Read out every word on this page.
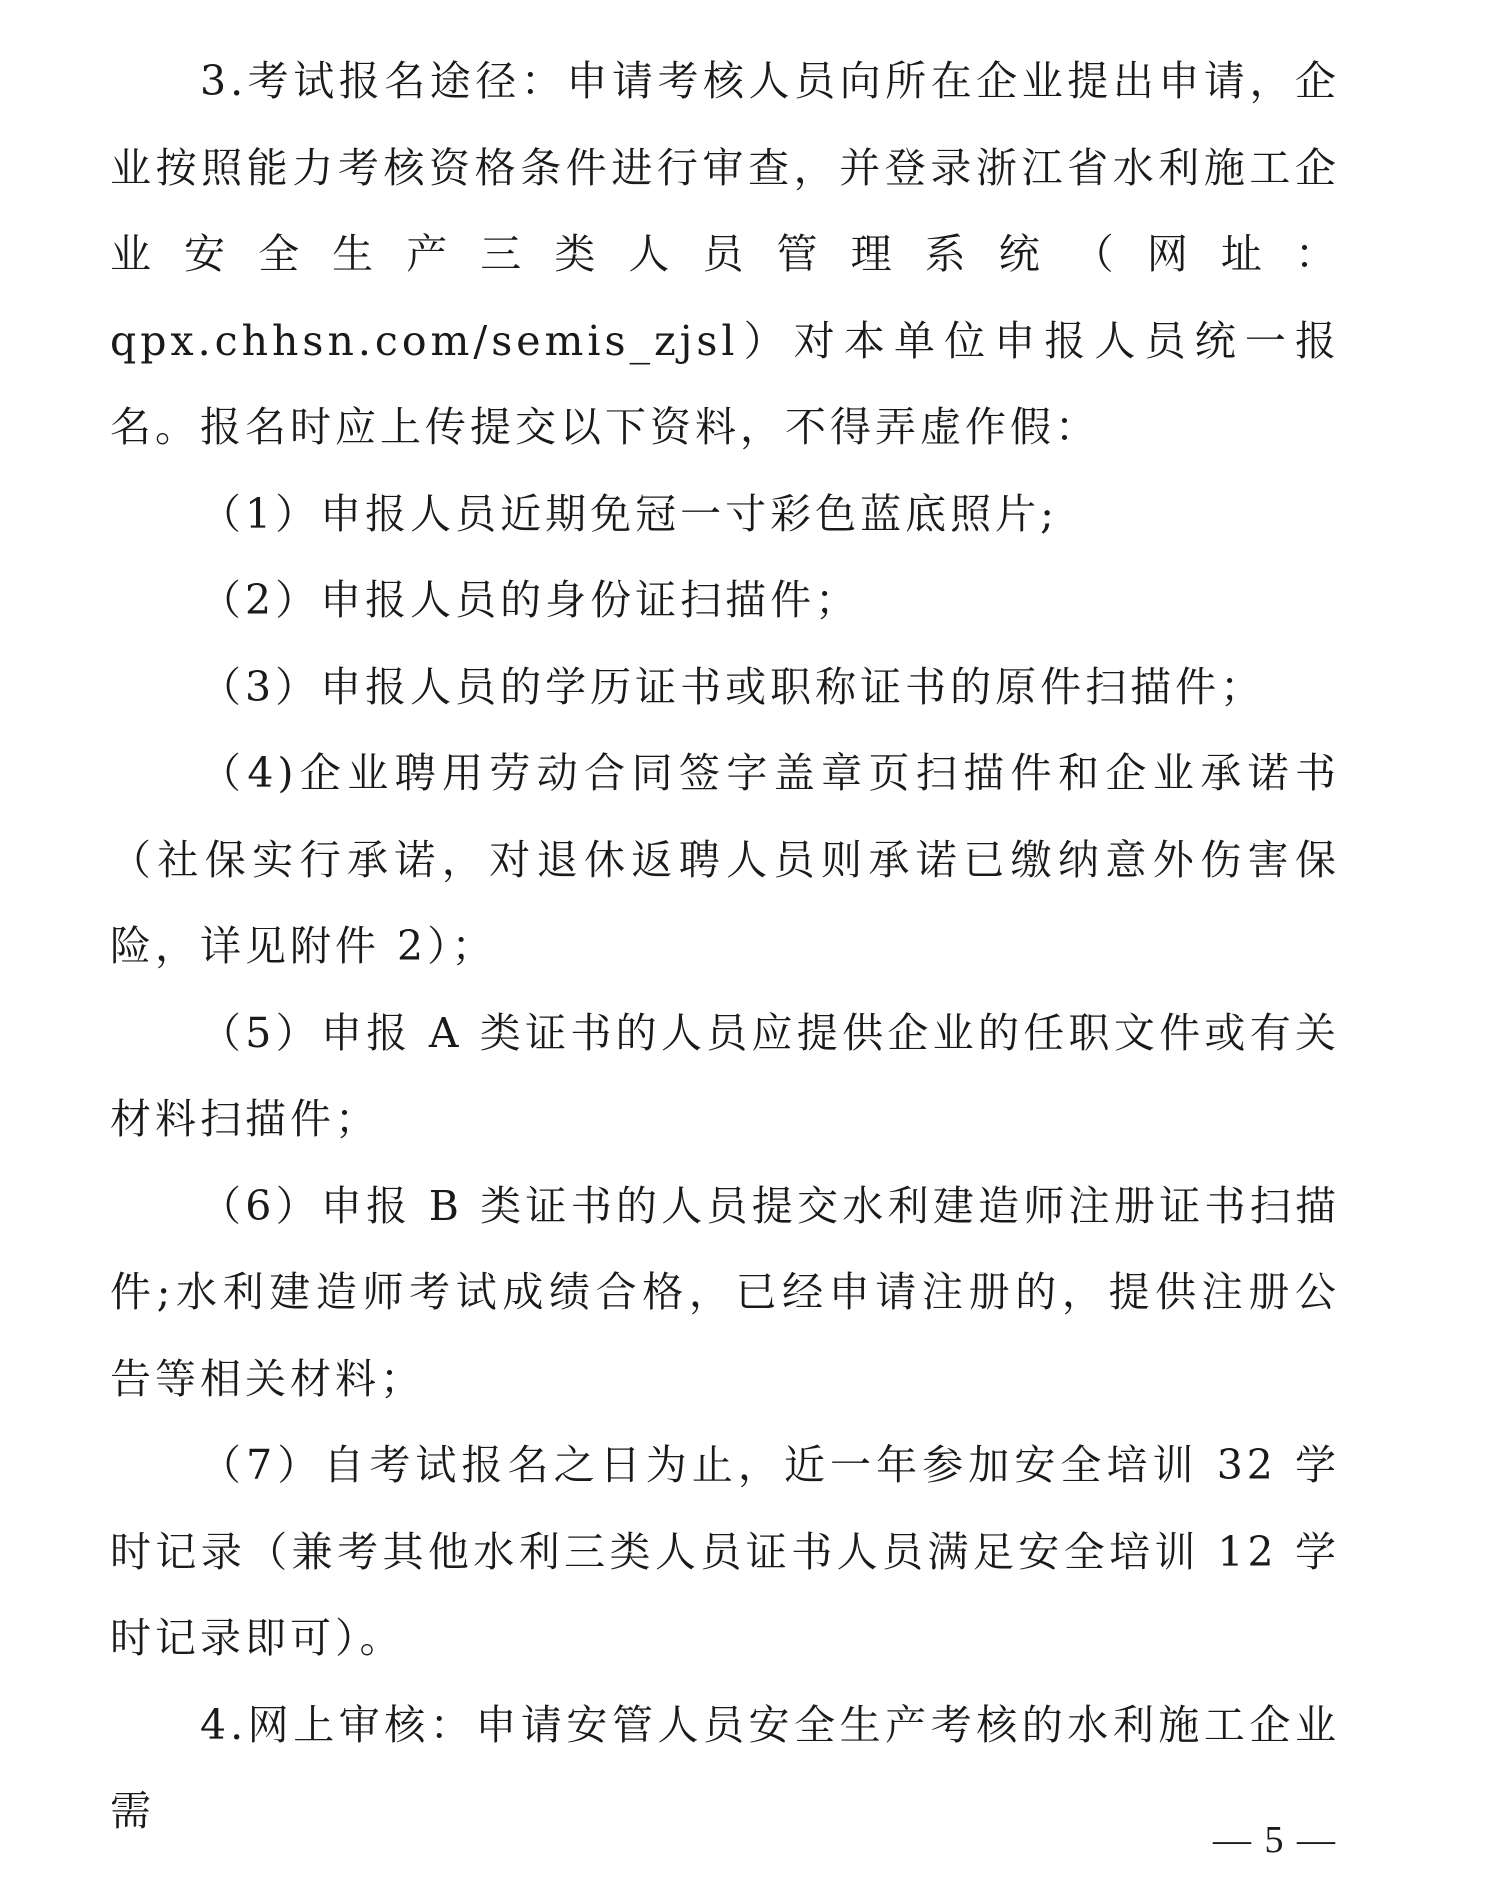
3.考试报名途径：申请考核人员向所在企业提出申请，企业按照能力考核资格条件进行审查，并登录浙江省水利施工企业安全生产三类人员管理系统（网址：qpx.chhsn.com/semis_zjsl）对本单位申报人员统一报名。报名时应上传提交以下资料，不得弄虚作假：

（1）申报人员近期免冠一寸彩色蓝底照片;

（2）申报人员的身份证扫描件；

（3）申报人员的学历证书或职称证书的原件扫描件；

（4)企业聘用劳动合同签字盖章页扫描件和企业承诺书（社保实行承诺，对退休返聘人员则承诺已缴纳意外伤害保险，详见附件 2）；

（5）申报 A 类证书的人员应提供企业的任职文件或有关材料扫描件；

（6）申报 B 类证书的人员提交水利建造师注册证书扫描件;水利建造师考试成绩合格，已经申请注册的，提供注册公告等相关材料；

（7）自考试报名之日为止，近一年参加安全培训 32 学时记录（兼考其他水利三类人员证书人员满足安全培训 12 学时记录即可）。

4.网上审核：申请安管人员安全生产考核的水利施工企业需

— 5 —
